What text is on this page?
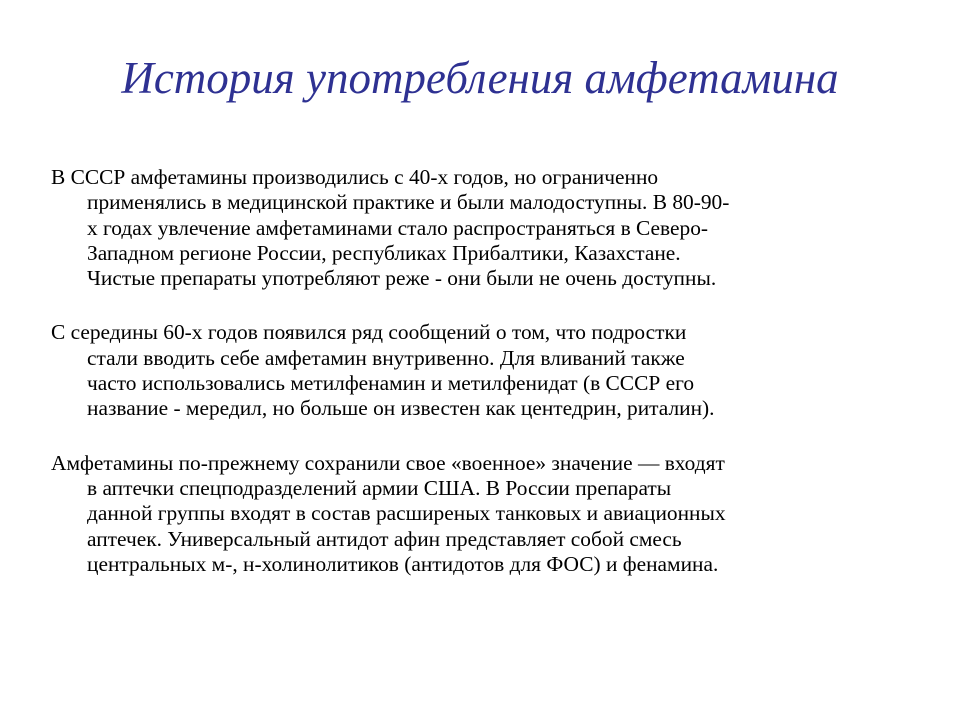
История употребления амфетамина

В СССР амфетамины производились с 40-х годов, но ограниченно
применялись в медицинской практике и были малодоступны. В 80-90-
х годах увлечение амфетаминами стало распространяться в Северо-
Западном регионе России, республиках Прибалтики, Казахстане.
Чистые препараты употребляют реже - они были не очень доступны.

С середины 60-х годов появился ряд сообщений о том, что подростки
стали вводить себе амфетамин внутривенно. Для вливаний также
часто использовались метилфенамин и метилфенидат (в СССР его
название - мередил, но больше он известен как центедрин, риталин).

Амфетамины по-прежнему сохранили свое «военное» значение — входят
в аптечки спецподразделений армии США. В России препараты
данной группы входят в состав расширеных танковых и авиационных
аптечек. Универсальный антидот афин представляет собой смесь
центральных м-, н-холинолитиков (антидотов для ФОС) и фенамина.
